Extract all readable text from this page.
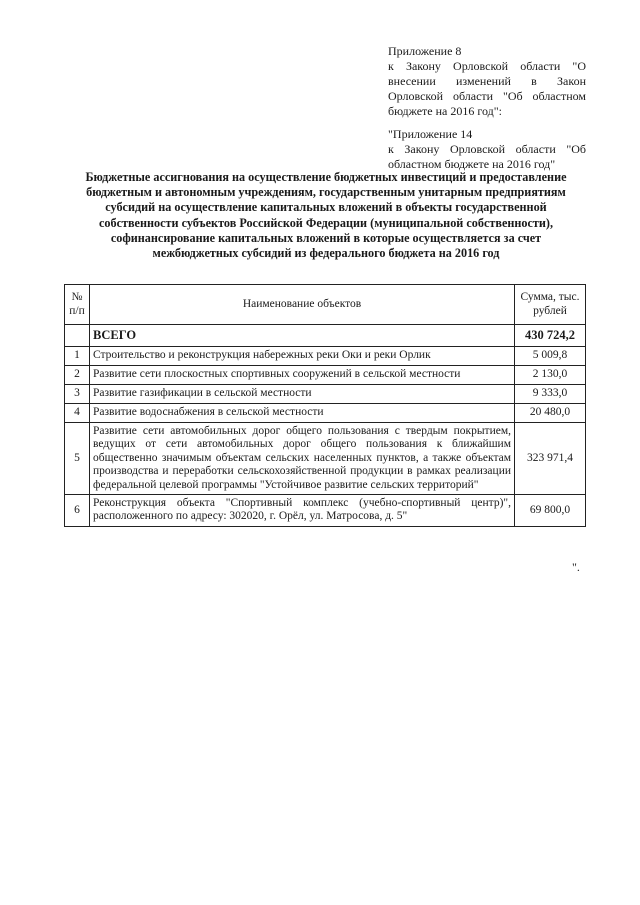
Приложение 8

к Закону Орловской области "О внесении изменений в Закон Орловской области "Об областном бюджете на 2016 год":

"Приложение 14

к Закону Орловской области "Об областном бюджете на 2016 год"

Бюджетные ассигнования на осуществление бюджетных инвестиций и предоставление бюджетным и автономным учреждениям, государственным унитарным предприятиям субсидий на осуществление капитальных вложений в объекты государственной собственности субъектов Российской Федерации (муниципальной собственности), софинансирование капитальных вложений в которые осуществляется за счет межбюджетных субсидий из федерального бюджета на 2016 год
№ п/п	Наименование объектов	Сумма, тыс. рублей
	ВСЕГО	430 724,2
1	Строительство и реконструкция набережных реки Оки и реки Орлик	5 009,8
2	Развитие сети плоскостных спортивных сооружений в сельской местности	2 130,0
3	Развитие газификации в сельской местности	9 333,0
4	Развитие водоснабжения в сельской местности	20 480,0
5	Развитие сети автомобильных дорог общего пользования с твердым покрытием, ведущих от сети автомобильных дорог общего пользования к ближайшим общественно значимым объектам сельских населенных пунктов, а также объектам производства и переработки сельскохозяйственной продукции в рамках реализации федеральной целевой программы "Устойчивое развитие сельских территорий"	323 971,4
6	Реконструкция объекта "Спортивный комплекс (учебно-спортивный центр)", расположенного по адресу: 302020, г. Орёл, ул. Матросова, д. 5"	69 800,0
".
